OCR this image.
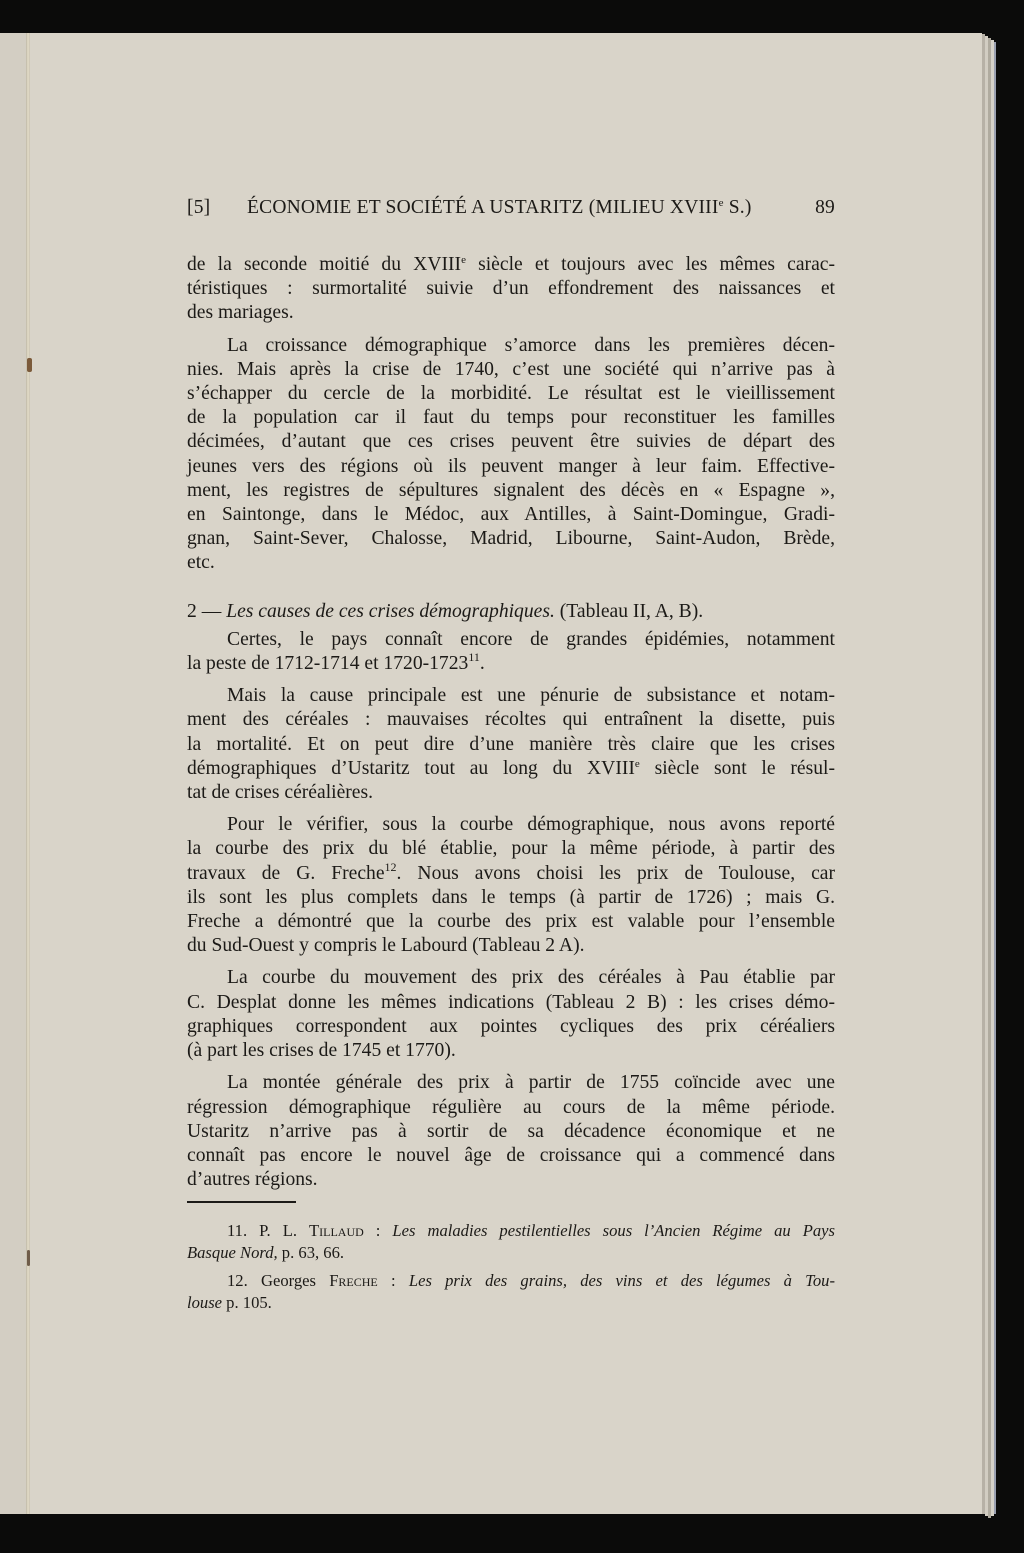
[5] ÉCONOMIE ET SOCIÉTÉ A USTARITZ (MILIEU XVIIIe S.)	89

de la seconde moitié du XVIIIe siècle et toujours avec les mêmes carac-
téristiques : surmortalité suivie d’un effondrement des naissances et
des mariages.

La croissance démographique s’amorce dans les premières décen-
nies. Mais après la crise de 1740, c’est une société qui n’arrive pas à
s’échapper du cercle de la morbidité. Le résultat est le vieillissement
de la population car il faut du temps pour reconstituer les familles
décimées, d’autant que ces crises peuvent être suivies de départ des
jeunes vers des régions où ils peuvent manger à leur faim. Effective-
ment, les registres de sépultures signalent des décès en « Espagne »,
en Saintonge, dans le Médoc, aux Antilles, à Saint-Domingue, Gradi-
gnan, Saint-Sever, Chalosse, Madrid, Libourne, Saint-Audon, Brède,
etc.

2 — Les causes de ces crises démographiques. (Tableau II, A, B).

Certes, le pays connaît encore de grandes épidémies, notamment
la peste de 1712-1714 et 1720-1723$^{11}$.

Mais la cause principale est une pénurie de subsistance et notam-
ment des céréales : mauvaises récoltes qui entraînent la disette, puis
la mortalité. Et on peut dire d’une manière très claire que les crises
démographiques d’Ustaritz tout au long du XVIIIe siècle sont le résul-
tat de crises céréalières.

Pour le vérifier, sous la courbe démographique, nous avons reporté
la courbe des prix du blé établie, pour la même période, à partir des
travaux de G. Freche$^{12}$. Nous avons choisi les prix de Toulouse, car
ils sont les plus complets dans le temps (à partir de 1726) ; mais G.
Freche a démontré que la courbe des prix est valable pour l’ensemble
du Sud-Ouest y compris le Labourd (Tableau 2 A).

La courbe du mouvement des prix des céréales à Pau établie par
C. Desplat donne les mêmes indications (Tableau 2 B) : les crises démo-
graphiques correspondent aux pointes cycliques des prix céréaliers
(à part les crises de 1745 et 1770).

La montée générale des prix à partir de 1755 coïncide avec une
régression démographique régulière au cours de la même période.
Ustaritz n’arrive pas à sortir de sa décadence économique et ne
connaît pas encore le nouvel âge de croissance qui a commencé dans
d’autres régions.

11. P. L. Tillaud : Les maladies pestilentielles sous l’Ancien Régime au Pays
Basque Nord, p. 63, 66.
12. Georges Freche : Les prix des grains, des vins et des légumes à Tou-
louse p. 105.
